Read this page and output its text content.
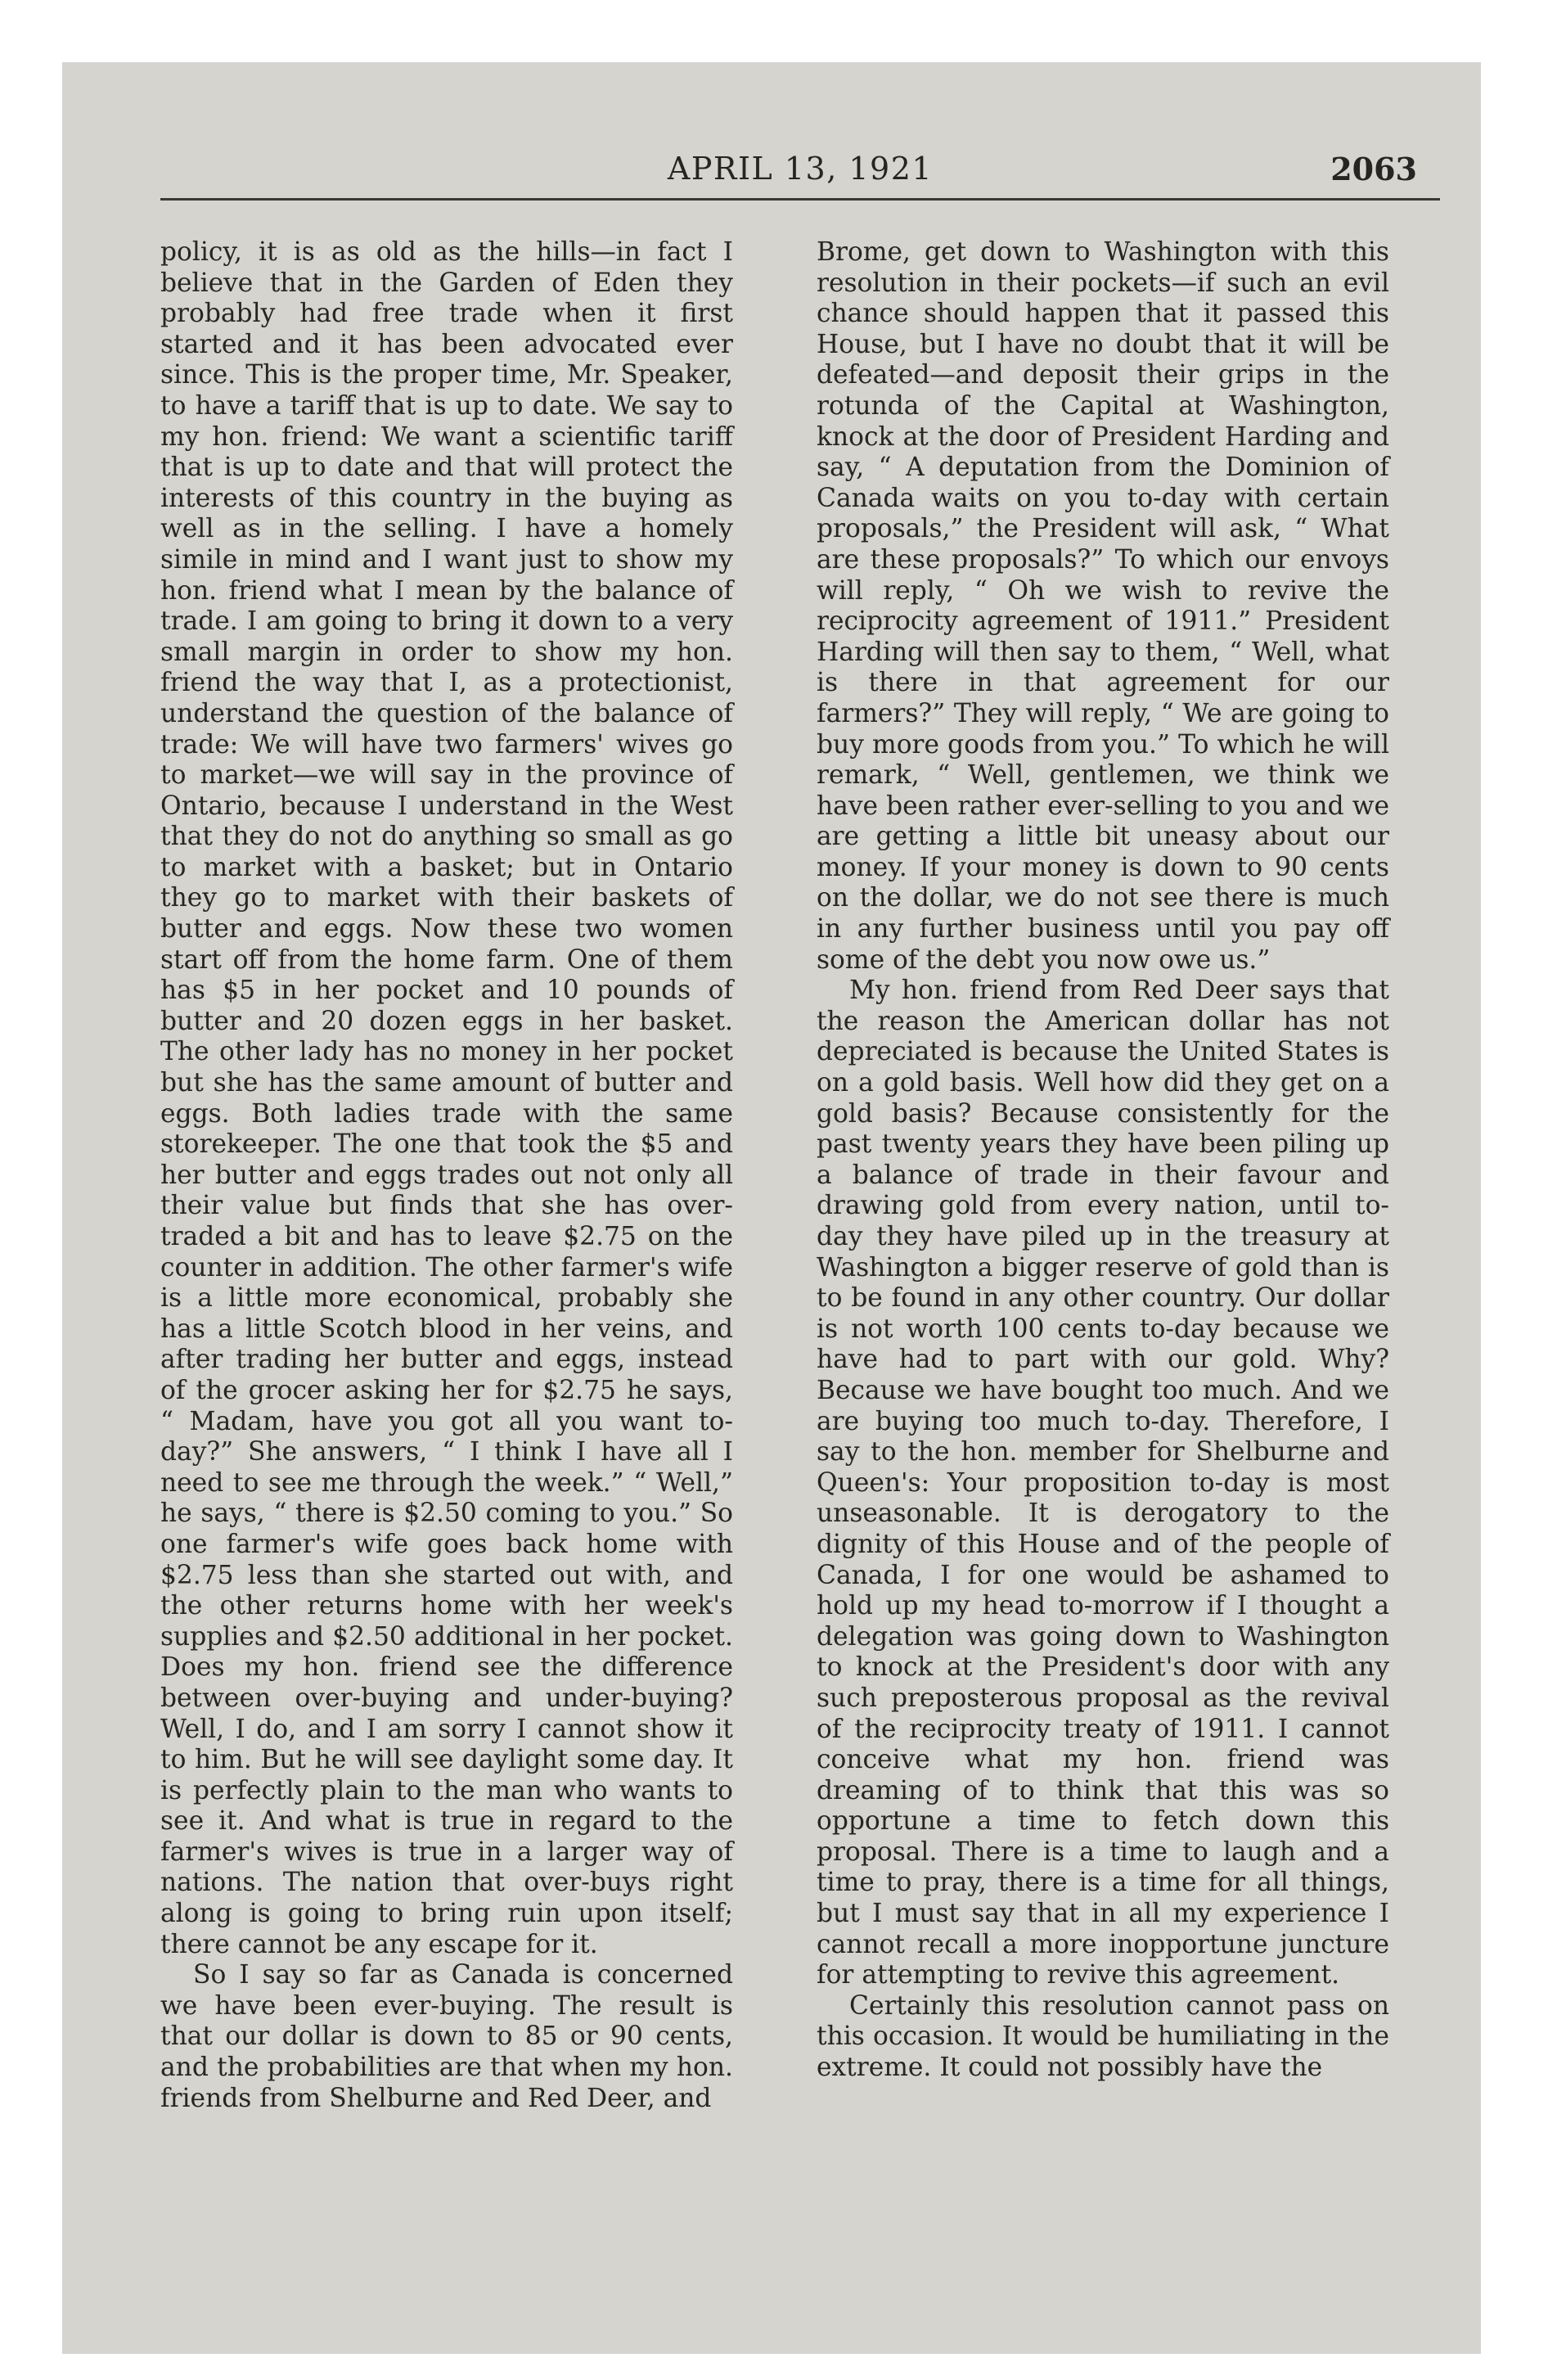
APRIL 13, 1921	2063

policy, it is as old as the hills—in fact I believe that in the Garden of Eden they probably had free trade when it first started and it has been advocated ever since. This is the proper time, Mr. Speaker, to have a tariff that is up to date. We say to my hon. friend: We want a scientific tariff that is up to date and that will protect the interests of this country in the buying as well as in the selling. I have a homely simile in mind and I want just to show my hon. friend what I mean by the balance of trade. I am going to bring it down to a very small margin in order to show my hon. friend the way that I, as a protectionist, understand the question of the balance of trade: We will have two farmers' wives go to market—we will say in the province of Ontario, because I understand in the West that they do not do anything so small as go to market with a basket; but in Ontario they go to market with their baskets of butter and eggs. Now these two women start off from the home farm. One of them has $5 in her pocket and 10 pounds of butter and 20 dozen eggs in her basket. The other lady has no money in her pocket but she has the same amount of butter and eggs. Both ladies trade with the same storekeeper. The one that took the $5 and her butter and eggs trades out not only all their value but finds that she has over-traded a bit and has to leave $2.75 on the counter in addition. The other farmer's wife is a little more economical, probably she has a little Scotch blood in her veins, and after trading her butter and eggs, instead of the grocer asking her for $2.75 he says, “ Madam, have you got all you want to-day?” She answers, “ I think I have all I need to see me through the week.” “ Well,” he says, “ there is $2.50 coming to you.” So one farmer's wife goes back home with $2.75 less than she started out with, and the other returns home with her week's supplies and $2.50 additional in her pocket. Does my hon. friend see the difference between over-buying and under-buying? Well, I do, and I am sorry I cannot show it to him. But he will see daylight some day. It is perfectly plain to the man who wants to see it. And what is true in regard to the farmer's wives is true in a larger way of nations. The nation that over-buys right along is going to bring ruin upon itself; there cannot be any escape for it.

So I say so far as Canada is concerned we have been ever-buying. The result is that our dollar is down to 85 or 90 cents, and the probabilities are that when my hon. friends from Shelburne and Red Deer, and

Brome, get down to Washington with this resolution in their pockets—if such an evil chance should happen that it passed this House, but I have no doubt that it will be defeated—and deposit their grips in the rotunda of the Capital at Washington, knock at the door of President Harding and say, “ A deputation from the Dominion of Canada waits on you to-day with certain proposals,” the President will ask, “ What are these proposals?” To which our envoys will reply, “ Oh we wish to revive the reciprocity agreement of 1911.” President Harding will then say to them, “ Well, what is there in that agreement for our farmers?” They will reply, “ We are going to buy more goods from you.” To which he will remark, “ Well, gentlemen, we think we have been rather ever-selling to you and we are getting a little bit uneasy about our money. If your money is down to 90 cents on the dollar, we do not see there is much in any further business until you pay off some of the debt you now owe us.”

My hon. friend from Red Deer says that the reason the American dollar has not depreciated is because the United States is on a gold basis. Well how did they get on a gold basis? Because consistently for the past twenty years they have been piling up a balance of trade in their favour and drawing gold from every nation, until to-day they have piled up in the treasury at Washington a bigger reserve of gold than is to be found in any other country. Our dollar is not worth 100 cents to-day because we have had to part with our gold. Why? Because we have bought too much. And we are buying too much to-day. Therefore, I say to the hon. member for Shelburne and Queen's: Your proposition to-day is most unseasonable. It is derogatory to the dignity of this House and of the people of Canada, I for one would be ashamed to hold up my head to-morrow if I thought a delegation was going down to Washington to knock at the President's door with any such preposterous proposal as the revival of the reciprocity treaty of 1911. I cannot conceive what my hon. friend was dreaming of to think that this was so opportune a time to fetch down this proposal. There is a time to laugh and a time to pray, there is a time for all things, but I must say that in all my experience I cannot recall a more inopportune juncture for attempting to revive this agreement.

Certainly this resolution cannot pass on this occasion. It would be humiliating in the extreme. It could not possibly have the
